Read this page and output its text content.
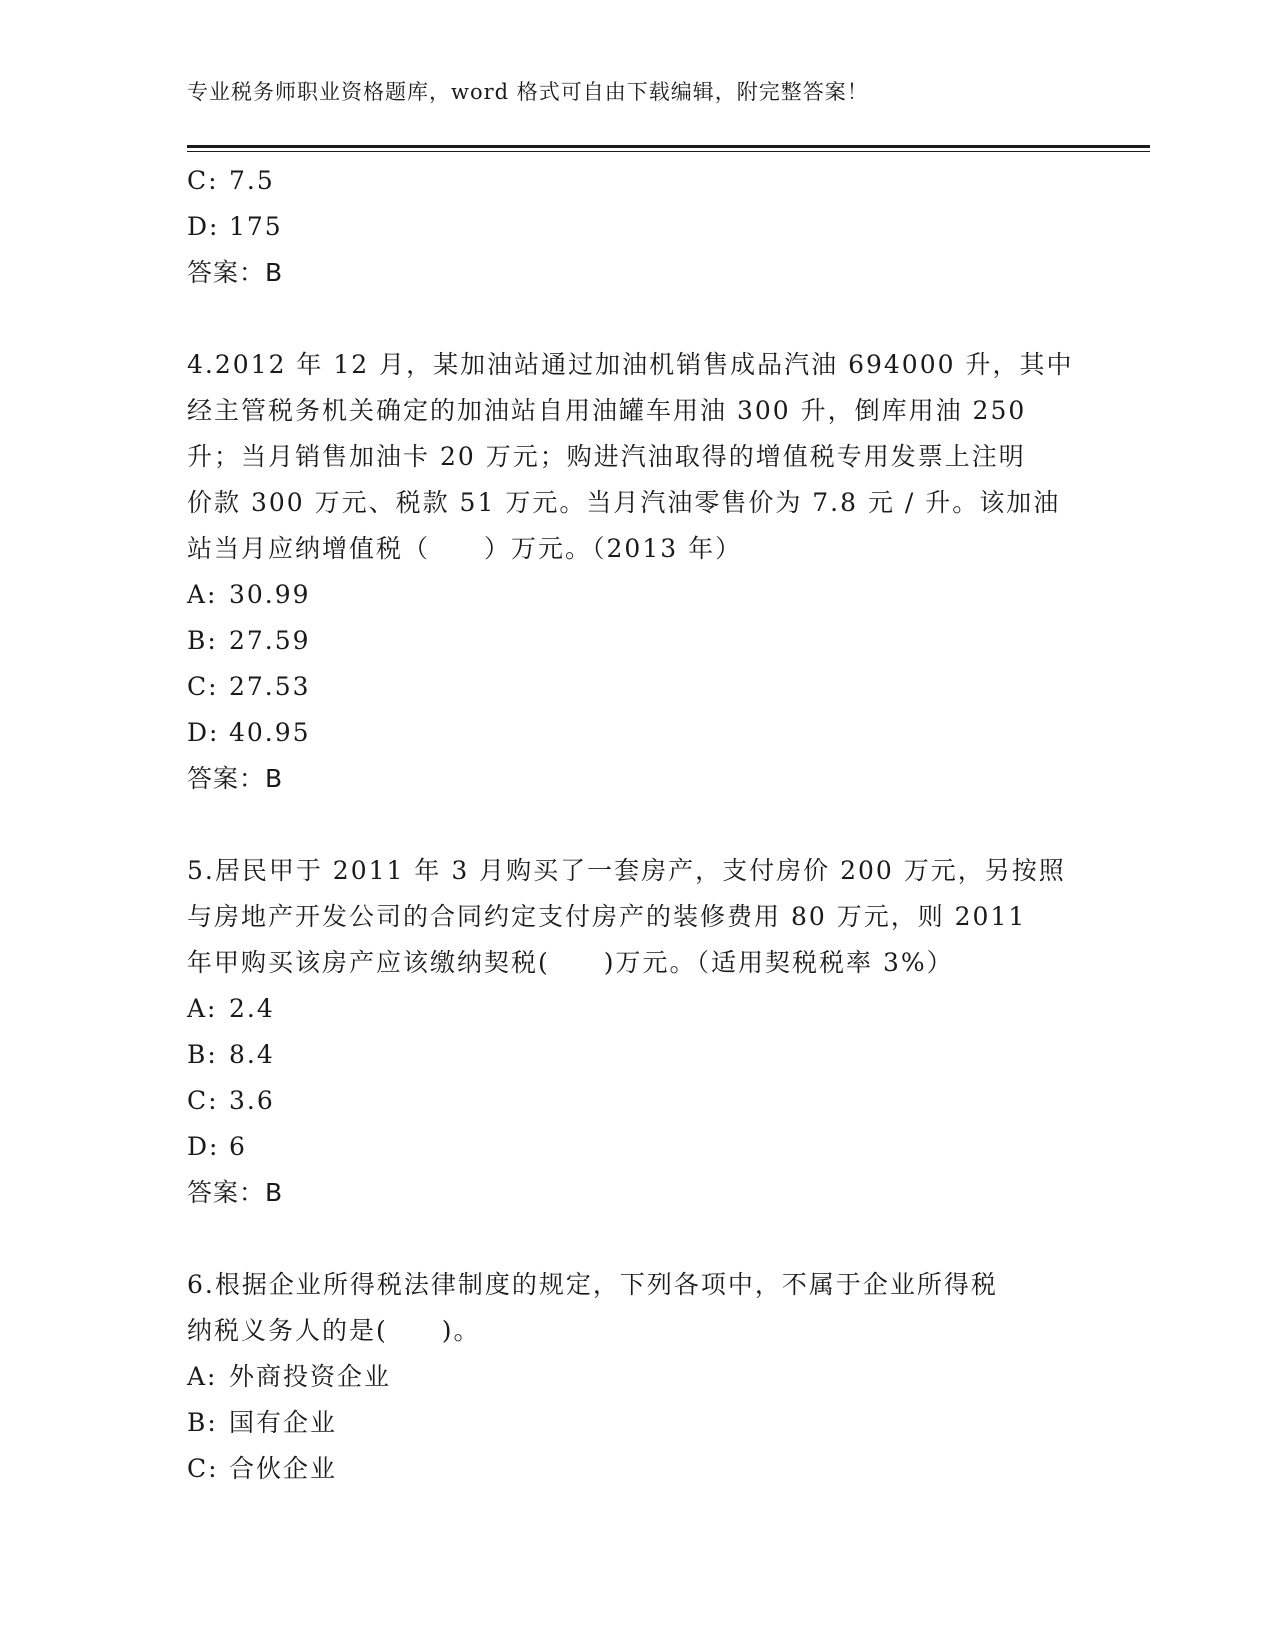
专业税务师职业资格题库，word 格式可自由下载编辑，附完整答案！
C: 7.5
D: 175
答案：B
4.2012 年 12 月，某加油站通过加油机销售成品汽油 694000 升，其中
经主管税务机关确定的加油站自用油罐车用油 300 升，倒库用油 250
升；当月销售加油卡 20 万元；购进汽油取得的增值税专用发票上注明
价款 300 万元、税款 51 万元。当月汽油零售价为 7.8 元 / 升。该加油
站当月应纳增值税（　　）万元。（2013 年）
A: 30.99
B: 27.59
C: 27.53
D: 40.95
答案：B
5.居民甲于 2011 年 3 月购买了一套房产，支付房价 200 万元，另按照
与房地产开发公司的合同约定支付房产的装修费用 80 万元，则 2011
年甲购买该房产应该缴纳契税(　　)万元。（适用契税税率 3%）
A: 2.4
B: 8.4
C: 3.6
D: 6
答案：B
6.根据企业所得税法律制度的规定，下列各项中，不属于企业所得税
纳税义务人的是(　　)。
A: 外商投资企业
B: 国有企业
C: 合伙企业
